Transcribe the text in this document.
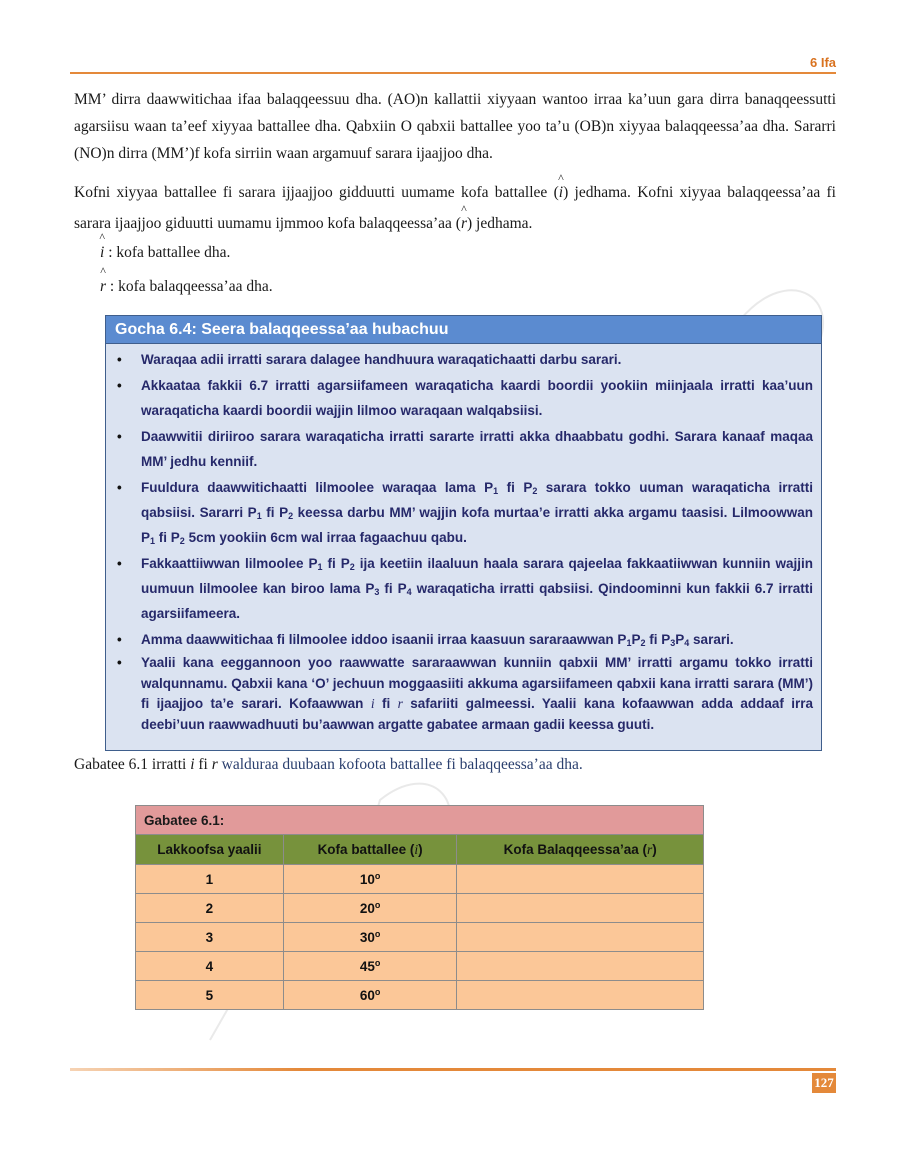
6 Ifa
MM’ dirra daawwitichaa ifaa balaqqeessuu dha. (AO)n kallattii xiyyaan wantoo irraa ka’uun gara dirra banaqqeessutti agarsiisu waan ta’eef xiyyaa battallee dha. Qabxiin O qabxii battallee yoo ta’u (OB)n xiyyaa balaqqeessa’aa dha. Sararri (NO)n dirra (MM’)f kofa sirriin waan argamuuf sarara ijaajjoo dha.
Kofni xiyyaa battallee fi sarara ijjaajjoo gidduutti uumame kofa battallee (^ i) jedhama. Kofni xiyyaa balaqqeessa’aa fi sarara ijaajjoo giduutti uumamu ijmmoo kofa balaqqeessa’aa (^ r) jedhama.
^ i : kofa battallee dha.
^ r : kofa balaqqeessa’aa dha.
Gocha 6.4: Seera balaqqeessa’aa hubachuu
• Waraqaa adii irratti sarara dalagee handhuura waraqatichaatti darbu sarari.
• Akkaataa fakkii 6.7 irratti agarsiifameen waraqaticha kaardi boordii yookiin miinjaala irratti kaa’uun waraqaticha kaardi boordii wajjin lilmoo waraqaan walqabsiisi.
• Daawwitii diriiroo sarara waraqaticha irratti sararte irratti akka dhaabbatu godhi. Sarara kanaaf maqaa MM’ jedhu kenniif.
• Fuuldura daawwitichaatti lilmoolee waraqaa lama $P_1$ fi $P_2$ sarara tokko uuman waraqaticha irratti qabsiisi. Sararri $P_1$ fi $P_2$ keessa darbu MM’ wajjin kofa murtaa’e irratti akka argamu taasisi. Lilmoowwan $P_1$ fi $P_2$ 5cm yookiin 6cm wal irraa fagaachuu qabu.
• Fakkaattiiwwan lilmoolee $P_1$ fi $P_2$ ija keetiin ilaaluun haala sarara qajeelaa fakkaatiiwwan kunniin wajjin uumuun lilmoolee kan biroo lama $P_3$ fi $P_4$ waraqaticha irratti qabsiisi. Qindoominni kun fakkii 6.7 irratti agarsiifameera.
• Amma daawwitichaa fi lilmoolee iddoo isaanii irraa kaasuun sararaawwan $P_1P_2$ fi $P_3P_4$ sarari.
• Yaalii kana eeggannoon yoo raawwatte sararaawwan kunniin qabxii MM’ irratti argamu tokko irratti walqunnamu. Qabxii kana ‘O’ jechuun moggaasiiti akkuma agarsiifameen qabxii kana irratti sarara (MM’) fi ijaajjoo ta’e sarari. Kofaawwan i fi r safariiti galmeessi. Yaalii kana kofaawwan adda addaaf irra deebi’uun raawwadhuuti bu’aawwan argatte gabatee armaan gadii keessa guuti.
Gabatee 6.1 irratti i fi r walduraa duubaan kofoota battallee fi balaqqeessa’aa dha.
Gabatee 6.1:		
Lakkoofsa yaalii	Kofa battallee (i)	Kofa Balaqqeessa’aa (r)
1	10$^o$	
2	20$^o$	
3	30$^o$	
4	45$^o$	
5	60$^o$	
127
